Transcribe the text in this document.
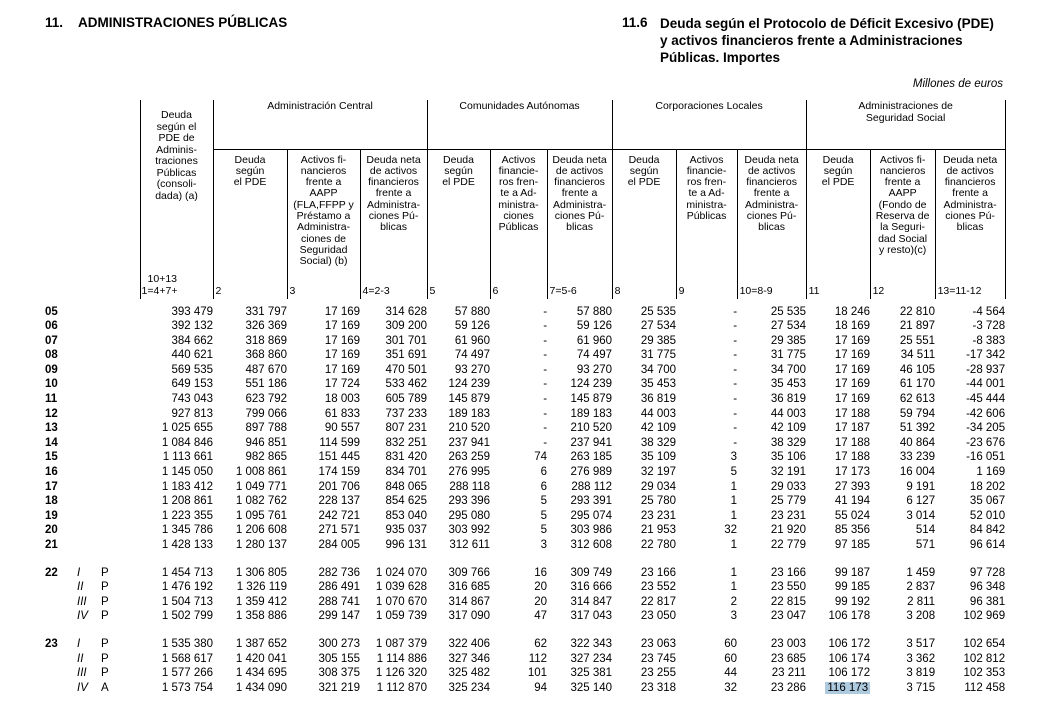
11. ADMINISTRACIONES PÚBLICAS	11.6 Deuda según el Protocolo de Déficit Excesivo (PDE)
y activos financieros frente a Administraciones
Públicas. Importes
Millones de euros

Deuda
según el
PDE de
Adminis-
traciones
Públicas
(consoli-
dada) (a)
10+13
1=4+7+

Administración Central	Comunidades Autónomas	Corporaciones Locales	Administraciones de
Seguridad Social

Deuda
según
el PDE
2

Activos fi-
nancieros
frente a
AAPP
(FLA,FFPP y
Préstamo a
Administra-
ciones de
Seguridad
Social) (b)
3

Deuda neta
de activos
financieros
frente a
Administra-
ciones Pú-
blicas
4=2-3

Deuda
según
el PDE
5

Activos
financie-
ros fren-
te a Ad-
ministra-
ciones
Públicas
6

Deuda neta
de activos
financieros
frente a
Administra-
ciones Pú-
blicas
7=5-6

Deuda
según
el PDE
8

Activos
financie-
ros fren-
te a Ad-
ministra-
Públicas
9

Deuda neta
de activos
financieros
frente a
Administra-
ciones Pú-
blicas
10=8-9

Deuda
según
el PDE
11

Activos fi-
nancieros
frente a
AAPP
(Fondo de
Reserva de
la Seguri-
dad Social
y resto)(c)
12

Deuda neta
de activos
financieros
frente a
Administra-
ciones Pú-
blicas
13=11-12

05			393 479	331 797	17 169	314 628	57 880	-	57 880	25 535	-	25 535	18 246	22 810	-4 564
06			392 132	326 369	17 169	309 200	59 126	-	59 126	27 534	-	27 534	18 169	21 897	-3 728
07			384 662	318 869	17 169	301 701	61 960	-	61 960	29 385	-	29 385	17 169	25 551	-8 383
08			440 621	368 860	17 169	351 691	74 497	-	74 497	31 775	-	31 775	17 169	34 511	-17 342
09			569 535	487 670	17 169	470 501	93 270	-	93 270	34 700	-	34 700	17 169	46 105	-28 937
10			649 153	551 186	17 724	533 462	124 239	-	124 239	35 453	-	35 453	17 169	61 170	-44 001
11			743 043	623 792	18 003	605 789	145 879	-	145 879	36 819	-	36 819	17 169	62 613	-45 444
12			927 813	799 066	61 833	737 233	189 183	-	189 183	44 003	-	44 003	17 188	59 794	-42 606
13			1 025 655	897 788	90 557	807 231	210 520	-	210 520	42 109	-	42 109	17 187	51 392	-34 205
14			1 084 846	946 851	114 599	832 251	237 941	-	237 941	38 329	-	38 329	17 188	40 864	-23 676
15			1 113 661	982 865	151 445	831 420	263 259	74	263 185	35 109	3	35 106	17 188	33 239	-16 051
16			1 145 050	1 008 861	174 159	834 701	276 995	6	276 989	32 197	5	32 191	17 173	16 004	1 169
17			1 183 412	1 049 771	201 706	848 065	288 118	6	288 112	29 034	1	29 033	27 393	9 191	18 202
18			1 208 861	1 082 762	228 137	854 625	293 396	5	293 391	25 780	1	25 779	41 194	6 127	35 067
19			1 223 355	1 095 761	242 721	853 040	295 080	5	295 074	23 231	1	23 231	55 024	3 014	52 010
20			1 345 786	1 206 608	271 571	935 037	303 992	5	303 986	21 953	32	21 920	85 356	514	84 842
21			1 428 133	1 280 137	284 005	996 131	312 611	3	312 608	22 780	1	22 779	97 185	571	96 614

22	I	P	1 454 713	1 306 805	282 736	1 024 070	309 766	16	309 749	23 166	1	23 166	99 187	1 459	97 728
	II	P	1 476 192	1 326 119	286 491	1 039 628	316 685	20	316 666	23 552	1	23 550	99 185	2 837	96 348
	III	P	1 504 713	1 359 412	288 741	1 070 670	314 867	20	314 847	22 817	2	22 815	99 192	2 811	96 381
	IV	P	1 502 799	1 358 886	299 147	1 059 739	317 090	47	317 043	23 050	3	23 047	106 178	3 208	102 969

23	I	P	1 535 380	1 387 652	300 273	1 087 379	322 406	62	322 343	23 063	60	23 003	106 172	3 517	102 654
	II	P	1 568 617	1 420 041	305 155	1 114 886	327 346	112	327 234	23 745	60	23 685	106 174	3 362	102 812
	III	P	1 577 266	1 434 695	308 375	1 126 320	325 482	101	325 381	23 255	44	23 211	106 172	3 819	102 353
	IV	A	1 573 754	1 434 090	321 219	1 112 870	325 234	94	325 140	23 318	32	23 286	116 173	3 715	112 458
